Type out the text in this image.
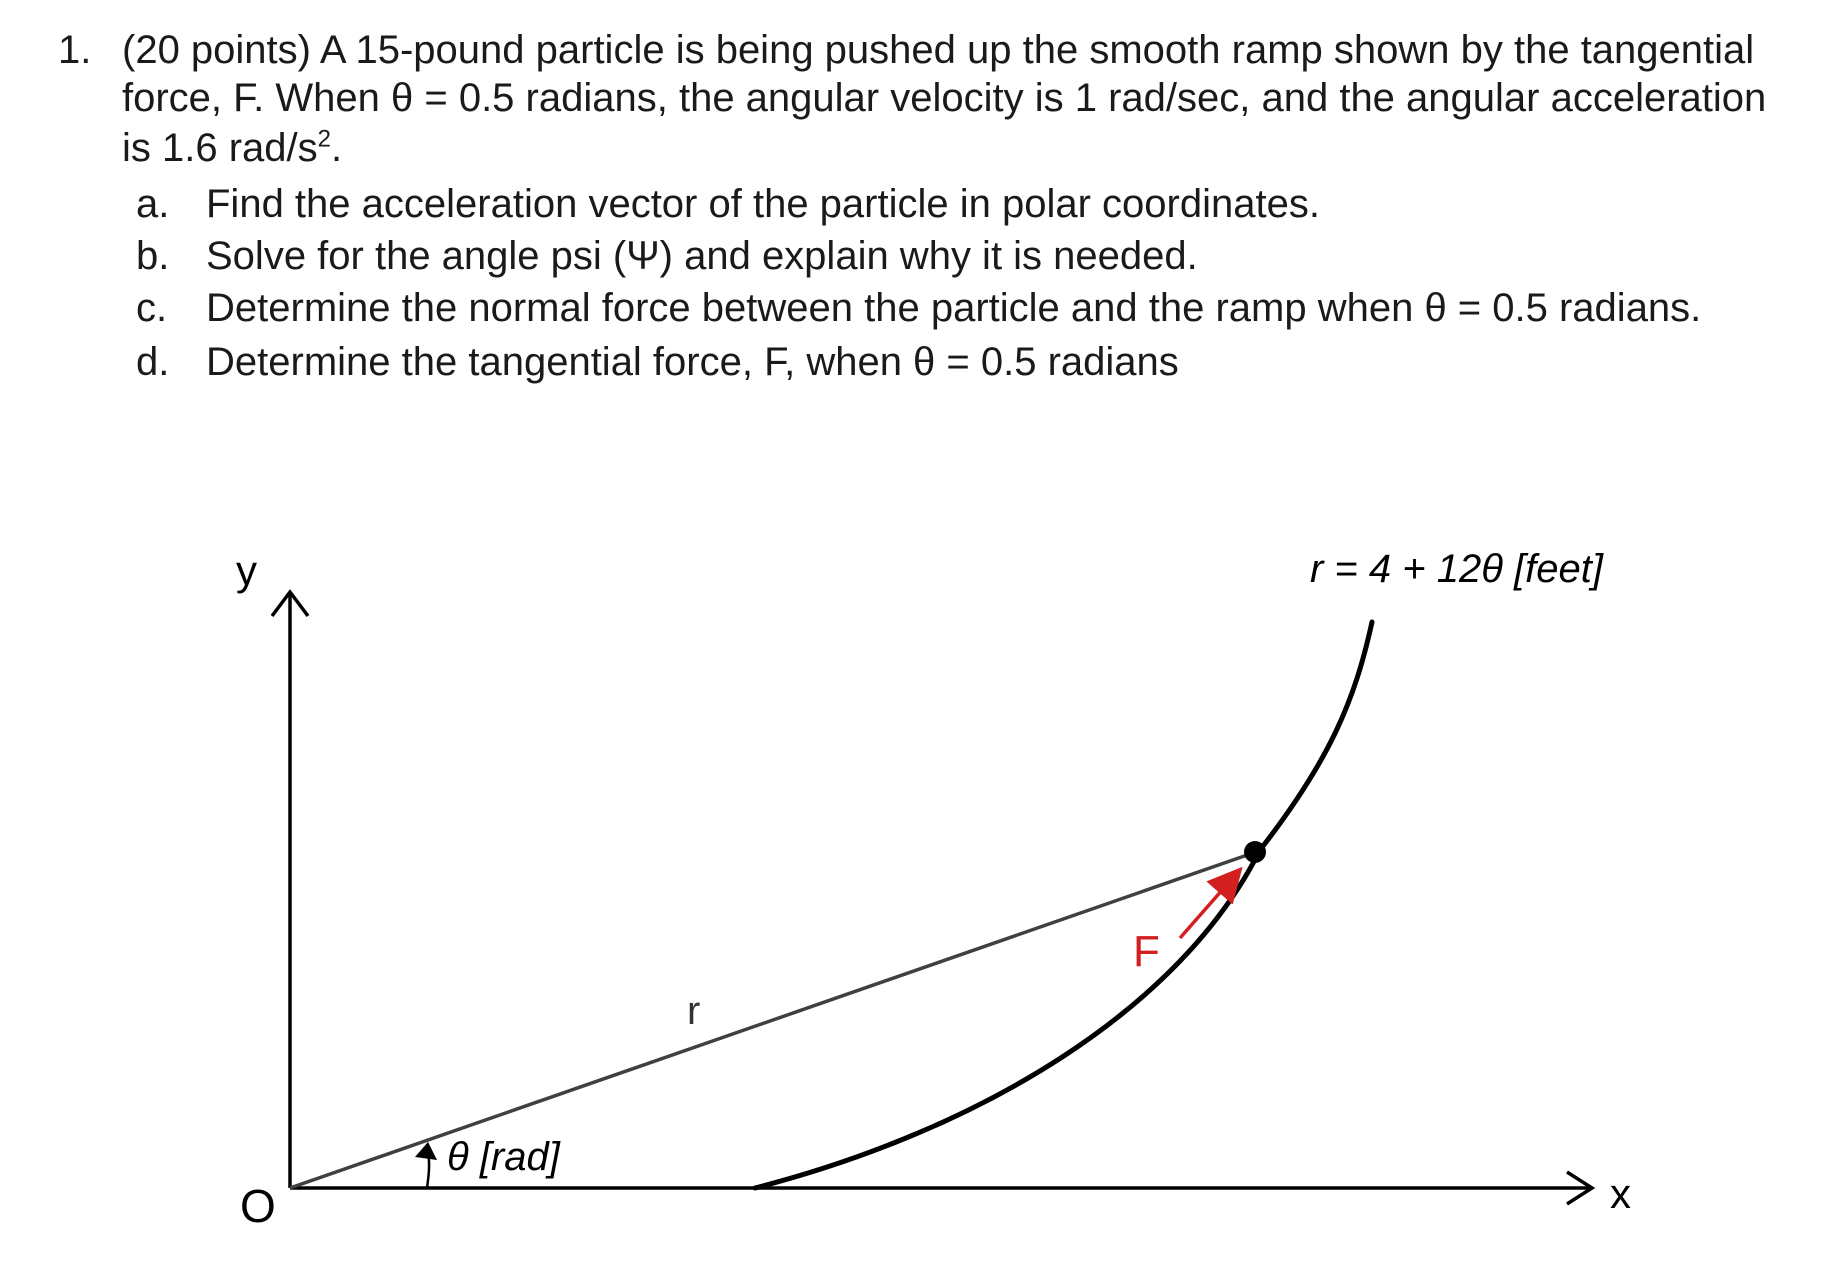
1. (20 points) A 15-pound particle is being pushed up the smooth ramp shown by the tangential
force, F. When θ = 0.5 radians, the angular velocity is 1 rad/sec, and the angular acceleration
is 1.6 rad/$s^2$.
a. Find the acceleration vector of the particle in polar coordinates.
b. Solve for the angle psi (Ψ) and explain why it is needed.
c. Determine the normal force between the particle and the ramp when θ = 0.5 radians.
d. Determine the tangential force, F, when θ = 0.5 radians
y
x
O
r = 4 + 12θ [feet]
r
θ [rad]
F
